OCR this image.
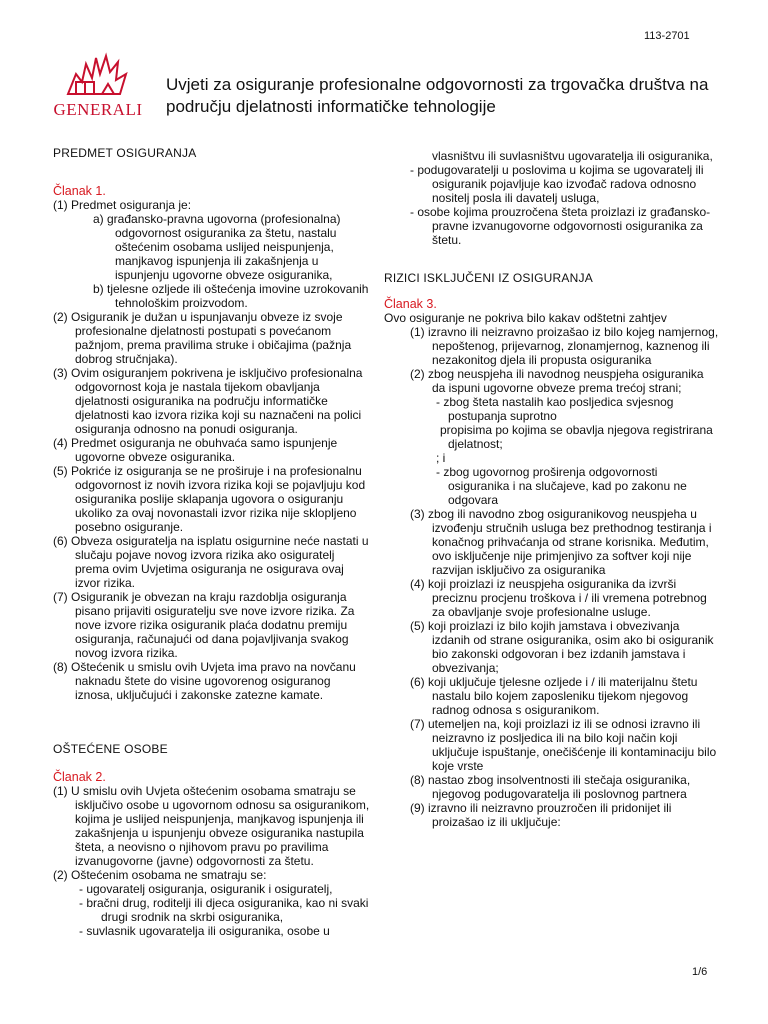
113-2701
GENERALI
Uvjeti za osiguranje profesionalne odgovornosti za trgovačka društva na području djelatnosti informatičke tehnologije

PREDMET OSIGURANJA

Članak 1.

(1) Predmet osiguranja je:

a) građansko-pravna ugovorna (profesionalna) odgovornost osiguranika za štetu, nastalu oštećenim osobama uslijed neispunjenja, manjkavog ispunjenja ili zakašnjenja u ispunjenju ugovorne obveze osiguranika,

b) tjelesne ozljede ili oštećenja imovine uzrokovanih tehnološkim proizvodom.

(2) Osiguranik je dužan u ispunjavanju obveze iz svoje profesionalne djelatnosti postupati s povećanom pažnjom, prema pravilima struke i običajima (pažnja dobrog stručnjaka).

(3) Ovim osiguranjem pokrivena je isključivo profesionalna odgovornost koja je nastala tijekom obavljanja djelatnosti osiguranika na području informatičke djelatnosti kao izvora rizika koji su naznačeni na polici osiguranja odnosno na ponudi osiguranja.

(4) Predmet osiguranja ne obuhvaća samo ispunjenje ugovorne obveze osiguranika.

(5) Pokriće iz osiguranja se ne proširuje i na profesionalnu odgovornost iz novih izvora rizika koji se pojavljuju kod osiguranika poslije sklapanja ugovora o osiguranju ukoliko za ovaj novonastali izvor rizika nije sklopljeno posebno osiguranje.

(6) Obveza osiguratelja na isplatu osigurnine neće nastati u slučaju pojave novog izvora rizika ako osiguratelj prema ovim Uvjetima osiguranja ne osigurava ovaj izvor rizika.

(7) Osiguranik je obvezan na kraju razdoblja osiguranja pisano prijaviti osiguratelju sve nove izvore rizika. Za nove izvore rizika osiguranik plaća dodatnu premiju osiguranja, računajući od dana pojavljivanja svakog novog izvora rizika.

(8) Oštećenik u smislu ovih Uvjeta ima pravo na novčanu naknadu štete do visine ugovorenog osiguranog iznosa, uključujući i zakonske zatezne kamate.

OŠTEĆENE OSOBE

Članak 2.

(1) U smislu ovih Uvjeta oštećenim osobama smatraju se isključivo osobe u ugovornom odnosu sa osiguranikom, kojima je uslijed neispunjenja, manjkavog ispunjenja ili zakašnjenja u ispunjenju obveze osiguranika nastupila šteta, a neovisno o njihovom pravu po pravilima izvanugovorne (javne) odgovornosti za štetu.

(2) Oštećenim osobama ne smatraju se:

- ugovaratelj osiguranja, osiguranik i osiguratelj,

- bračni drug, roditelji ili djeca osiguranika, kao ni svaki drugi srodnik na skrbi osiguranika,

- suvlasnik ugovaratelja ili osiguranika, osobe u

vlasništvu ili suvlasništvu ugovaratelja ili osiguranika,

- podugovaratelji u poslovima u kojima se ugovaratelj ili osiguranik pojavljuje kao izvođač radova odnosno nositelj posla ili davatelj usluga,

- osobe kojima prouzročena šteta proizlazi iz građansko-pravne izvanugovorne odgovornosti osiguranika za štetu.

RIZICI ISKLJUČENI IZ OSIGURANJA

Članak 3.

Ovo osiguranje ne pokriva bilo kakav odštetni zahtjev

(1) izravno ili neizravno proizašao iz bilo kojeg namjernog, nepoštenog, prijevarnog, zlonamjernog, kaznenog ili nezakonitog djela ili propusta osiguranika

(2) zbog neuspjeha ili navodnog neuspjeha osiguranika da ispuni ugovorne obveze prema trećoj strani;

- zbog šteta nastalih kao posljedica svjesnog postupanja suprotno

propisima po kojima se obavlja njegova registrirana djelatnost;

; i

- zbog ugovornog proširenja odgovornosti osiguranika i na slučajeve, kad po zakonu ne odgovara

(3) zbog ili navodno zbog osiguranikovog neuspjeha u izvođenju stručnih usluga bez prethodnog testiranja i konačnog prihvaćanja od strane korisnika. Međutim, ovo isključenje nije primjenjivo za softver koji nije razvijan isključivo za osiguranika

(4) koji proizlazi iz neuspjeha osiguranika da izvrši preciznu procjenu troškova i / ili vremena potrebnog za obavljanje svoje profesionalne usluge.

(5) koji proizlazi iz bilo kojih jamstava i obvezivanja izdanih od strane osiguranika, osim ako bi osiguranik bio zakonski odgovoran i bez izdanih jamstava i obvezivanja;

(6) koji uključuje tjelesne ozljede i / ili materijalnu štetu nastalu bilo kojem zaposleniku tijekom njegovog radnog odnosa s osiguranikom.

(7) utemeljen na, koji proizlazi iz ili se odnosi izravno ili neizravno iz posljedica ili na bilo koji način koji uključuje ispuštanje, onečišćenje ili kontaminaciju bilo koje vrste

(8) nastao zbog insolventnosti ili stečaja osiguranika, njegovog podugovaratelja ili poslovnog partnera

(9) izravno ili neizravno prouzročen ili pridonijet ili proizašao iz ili uključuje:

1/6
